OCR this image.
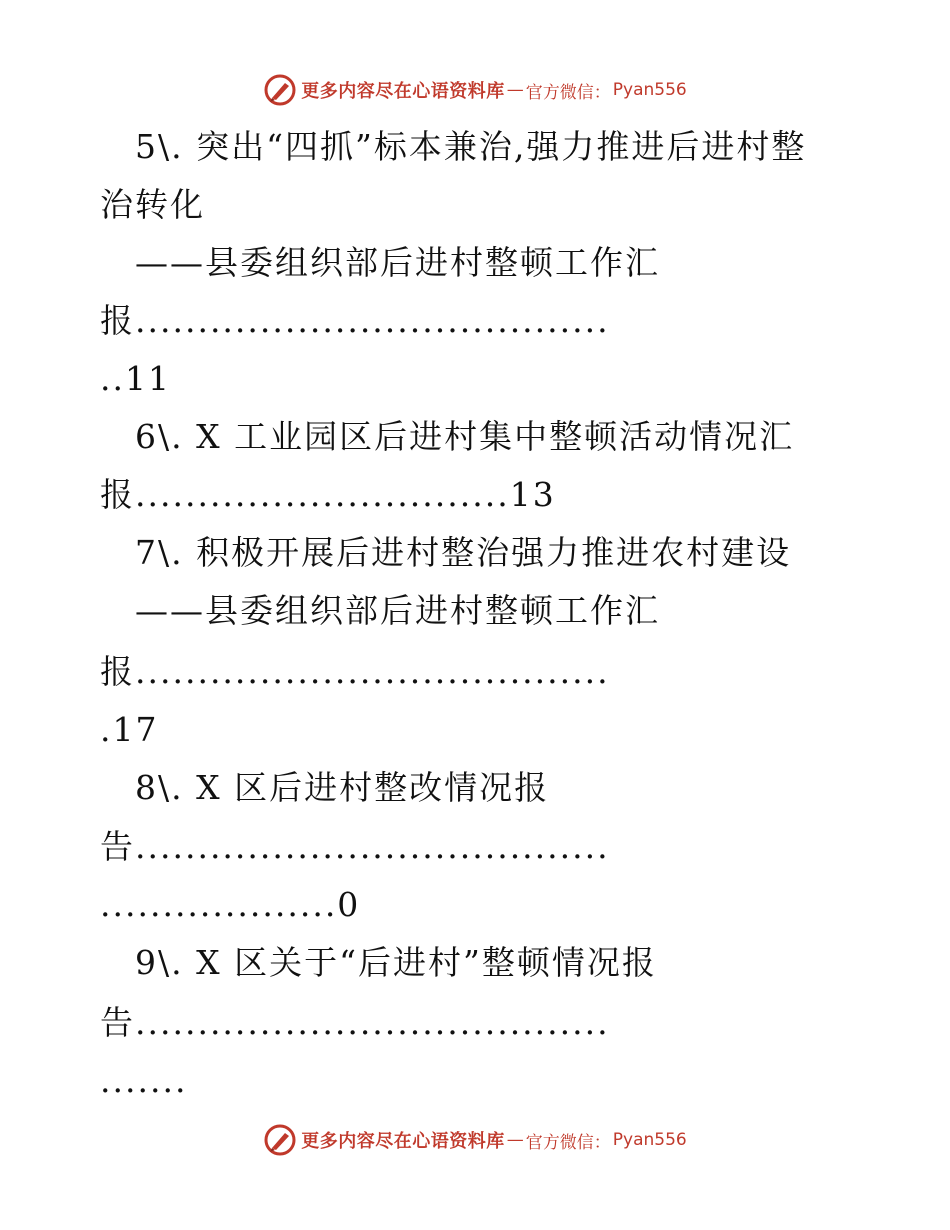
更多内容尽在心语资料库 — 官方微信： Pyan556
5\. 突出“四抓”标本兼治,强力推进后进村整
治转化
——县委组织部后进村整顿工作汇
报......................................
..11
6\. X 工业园区后进村集中整顿活动情况汇
报..............................13
7\. 积极开展后进村整治强力推进农村建设
——县委组织部后进村整顿工作汇
报......................................
.17
8\. X 区后进村整改情况报
告......................................
...................0
9\. X 区关于“后进村”整顿情况报
告......................................
.......
更多内容尽在心语资料库 — 官方微信： Pyan556
